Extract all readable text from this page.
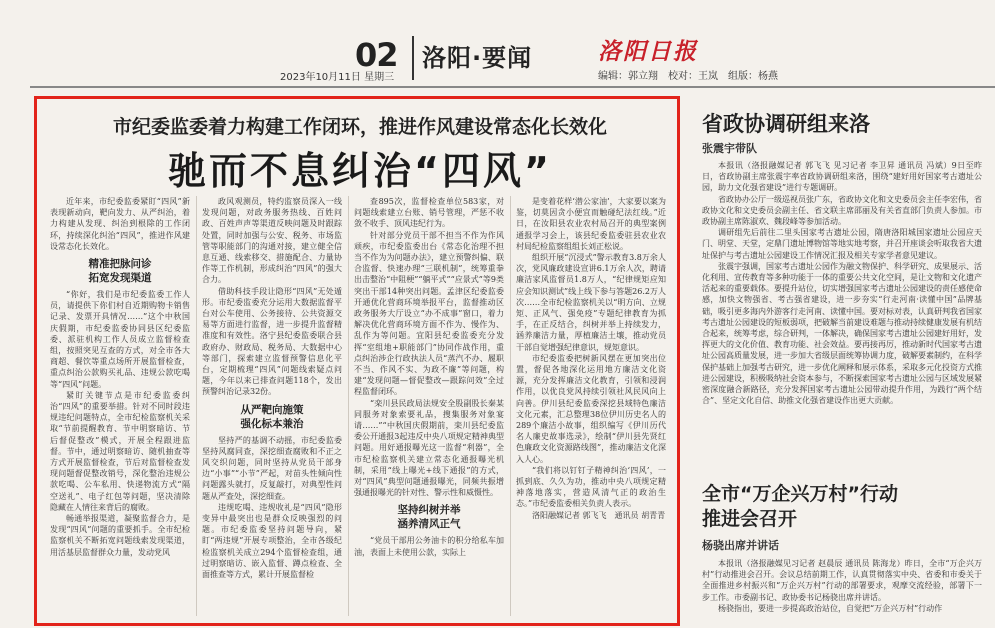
02
2023年10月11日 星期三
洛阳·要闻	洛阳日报
编辑：郭立翔　校对：王岚　组版：杨燕
市纪委监委着力构建工作闭环，推进作风建设常态化长效化
驰而不息纠治“四风”

近年来，市纪委监委紧盯“四风”新表现新动向，靶向发力、从严纠治，着力构建从发现、纠治到根除的工作闭环，持续深化纠治“四风”，推进作风建设常态化长效化。

精准把脉问诊
拓宽发现渠道

“你好，我们是市纪委监委工作人员，请提供下你们村自近期购物卡销售记录、发票开具情况……”这个中秋国庆假期，市纪委监委协同县区纪委监委、派驻机构工作人员成立监督检查组，按照突见互查的方式，对全市各大商超、餐饮等重点场所开展监督检查，重点纠治公款购买礼品、违规公款吃喝等“四风”问题。

紧盯关键节点是市纪委监委纠治“四风”的重要举措。针对不同时段违规违纪问题特点，全市纪检监察机关采取“节前提醒教育、节中明察暗访、节后督促整改”模式，开展全程跟进监督。节中，通过明察暗访、随机抽查等方式开展监督检查，节后对监督检查发现问题督促整改销号，深化整治违规公款吃喝、公车私用、快递物流方式“隔空送礼”、电子红包等问题，坚决清除隐藏在人情往来背后的腐败。

畅通举报渠道，凝聚监督合力，是发现“四风”问题的重要抓手。全市纪检监察机关不断拓宽问题线索发现渠道，用活基层监督群众力量，发动党风

政风观测员，特约监察员深入一线发现问题，对政务服务热线、百姓问政、百姓声声等渠道反映问题及时跟踪处置，同时加强与公安、税务、市场监管等职能部门的沟通对接，建立健全信息互通、线索移交、措施配合、力量协作等工作机制，形成纠治“四风”的强大合力。

借助科技手段让隐形“四风”无处遁形。市纪委监委充分运用大数据监督平台对公车使用、公务接待、公共资源交易等方面进行监督，进一步提升监督精准度和有效性。洛宁县纪委监委联合县政府办、财政局、税务局、大数据中心等部门，探索建立监督预警信息化平台，定期梳理“四风”问题线索疑点问题，今年以来已排查问题118个，发出预警纠治记录32份。

从严靶向施策
强化标本兼治

坚持严的基调不动摇，市纪委监委坚持风腐同查，深挖细查腐败和不正之风交织问题，同时坚持从党员干部身边“小事”“小节”严起，对苗头性倾向性问题露头就打，反复敲打，对典型性问题从严查处，深挖细查。

违规吃喝、违规收礼是“四风”隐形变异中最突出也是群众反映强烈的问题。市纪委监委坚持问题导向，紧盯“两违规”开展专项整治，全市各级纪检监察机关成立294个监督检查组，通过明察暗访、嵌入监督、蹲点检查、全面推查等方式，累计开展监督检

查895次，监督检查单位583家，对问题线索建立台账、销号管理，严惩不收敛不收手、顶风违纪行为。

针对部分党员干部不担当不作为作风顽疾，市纪委监委出台《常态化治理不担当不作为为问题办法》，建立预警纠偏、联合监督、快速办理“三联机制”，统筹重拳出击整治“中阻梗”“躺平式”“应景式”等9类突出干部14种突出问题。孟津区纪委监委开通优化营商环境举报平台，监督推动区政务服务大厅设立“办不成事”窗口，着力解决优化营商环境方面不作为、慢作为、乱作为等问题。宜阳县纪委监委充分发挥“室组地+职能部门”协同作战作用，重点纠治涉企行政执法人员“蒸汽不办、履职不当、作风不实、为政不廉”等问题，构建“发现问题—督促整改—跟踪问效”全过程监督闭环。

“栾川县民政局法规安全股副股长秦某同服务对象索要礼品，搜集服务对象宴请……”“中秋国庆假期前，栾川县纪委监委公开通报3起违反中央八项规定精神典型问题。用好通报曝光这一监督“利器”，全市纪检监察机关建立常态化通报曝光机制，采用“线上曝光+线下通报”的方式，对“四风”典型问题通报曝光，同频共振增强通报曝光的针对性、警示性和威慑性。

坚持纠树并举
涵养清风正气

“党员干部用公务油卡的积分给私车加油，表面上未使用公款，实际上

是变着花样‘潜公家油’，大家要以案为鉴，切莫因贪小便宜而触碰纪法红线。”近日，在汝阳县农业农村局召开的典型案例通报学习会上，该县纪委监委驻县农业农村局纪检监察组组长刘正松说。

组织开展“沉浸式”警示教育3.8万余人次，党风廉政建设宣讲6.1万余人次，聘请廉洁家风监督员1.8万人，“纪律规矩应知应会知识测试”线上线下参与答题26.2万人次……全市纪检监察机关以“明方向、立规矩、正风气、强免疫”专题纪律教育为抓手，在正反结合，纠树并举上持续发力，涵养廉洁力量，厚植廉洁土壤，推动党员干部自觉增强纪律意识，规矩意识。

市纪委监委把树新风摆在更加突出位置，督促各地深化运用地方廉洁文化资源，充分发挥廉洁文化教育，引领和浸润作用，以优良党风持续引领社风民风向上向善。伊川县纪委监委深挖县域特色廉洁文化元素，汇总整理38位伊川历史名人的289个廉洁小故事，组织编写《伊川历代名人廉史故事选录》，绘制“伊川县先贤红色廉政文化资源路线图”，推动廉洁文化深入人心。

“我们将以钉钉子精神纠治‘四风’，一抓到底、久久为功，推动中央八项规定精神落地落实，营造风清气正的政治生态。”市纪委监委相关负责人表示。

洛阳融媒记者 郭飞飞　通讯员 胡青青

省政协调研组来洛
张震宇带队

本报讯（洛报融媒记者 郭飞飞 见习记者 李卫昇 通讯员 冯斌）9日至昨日，省政协副主席张震宇率省政协调研组来洛，围绕“建好用好国家考古遗址公园，助力文化强省建设”进行专题调研。

省政协办公厅一级巡视员张广东，省政协文化和文史委员会主任李宏伟，省政协文化和文史委员会副主任、省文联主席邵丽及有关省直部门负责人参加。市政协副主席陈淑欢、魏段峰等参加活动。

调研组先后前往二里头国家考古遗址公园，隋唐洛阳城国家遗址公园应天门、明堂、天堂，定鼎门遗址博物馆等地实地考察，并召开座谈会听取我省大遗址保护与考古遗址公园建设工作情况汇报及相关专家学者意见建议。

张震宇强调，国家考古遗址公园作为融文物保护、科学研究、成果展示、活化利用、宣传教育等多种功能于一体的重要公共文化空间，是让文物和文化遗产活起来的重要载体。要提升站位，切实增强国家考古遗址公园建设的责任感使命感，加快文物强省、考古强省建设，进一步夯实“行走河南·读懂中国”品牌基础，吸引更多海内外游客行走河南、读懂中国。要对标对表，认真研判我省国家考古遗址公园建设的短板弱项，把破解当前建设难题与推动持续健康发展有机结合起来，统筹考虑，综合研判，一体解决，确保国家考古遗址公园建好用好，发挥更大的文化价值、教育功能、社会效益。要再接再厉，推动新时代国家考古遗址公园高质量发展，进一步加大省级层面统筹协调力度，破解要素制约，在科学保护基础上加强考古研究，进一步优化阐释和展示体系，采取多元化投资方式推进公园建设，积极吸纳社会资本参与，不断探索国家考古遗址公园与区域发展紧密深度融合新路径，充分发挥国家考古遗址公园带动提升作用，为践行“两个结合”、坚定文化自信、助推文化强省建设作出更大贡献。

全市“万企兴万村”行动
推进会召开
杨骁出席并讲话

本报讯（洛报融媒见习记者 赵晨辰 通讯员 陈海龙）昨日，全市“万企兴万村”行动推进会召开。会议总结前期工作，认真贯彻落实中央、省委和市委关于全面推进乡村振兴和“万企兴万村”行动的部署要求，观摩交流经验，部署下一步工作。市委副书记、政协委书记杨骁出席并讲话。

杨骁指出，要进一步提高政治站位，自觉把“万企兴万村”行动作
